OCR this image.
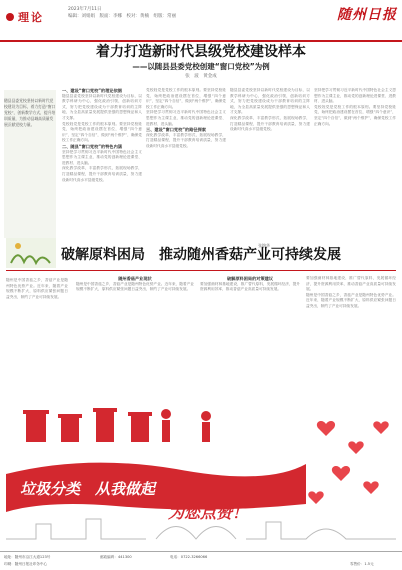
理论
2023年7月11日
编辑：刘娟娟　版面：李娜　校对：黄楠　组版：常丽	随州日报
着力打造新时代县级党校建设样本
——以随县县委党校创建“窗口党校”为例
张　波　黄金成
随县县委党校坚持以新时代党校建设为目标，着力打造“窗口党校”，创新教学方式，提升培训质量，为推动县域高质量发展贡献党校力量。
一、建设“窗口党校”的理论依据
随县县委党校坚持以新时代党校建设为目标，以教学科研为中心，强化政治引领，创新培训方式，努力把党校建设成为干部教育培训的主阵地，为全县高质量发展提供坚强的思想保证和人才支撑。
党校姓党是党校工作的根本原则。要坚持党校姓党，始终把政治建设摆在首位，增强“四个意识”，坚定“四个自信”，做到“两个维护”，确保党校工作正确方向。
二、随县“窗口党校”的特色内涵
坚持把学习贯彻习近平新时代中国特色社会主义思想作为主课主业，推动党的创新理论进课堂、进教材、进头脑。
深化教学改革，丰富教学形式，拓展现场教学，打造精品课程，提升干部教育培训质量，努力建设新时代高水平县级党校。
党校姓党是党校工作的根本原则。要坚持党校姓党，始终把政治建设摆在首位，增强“四个意识”，坚定“四个自信”，做到“两个维护”，确保党校工作正确方向。
坚持把学习贯彻习近平新时代中国特色社会主义思想作为主课主业，推动党的创新理论进课堂、进教材、进头脑。
三、建设“窗口党校”的路径探索
深化教学改革，丰富教学形式，拓展现场教学，打造精品课程，提升干部教育培训质量，努力建设新时代高水平县级党校。
随县县委党校坚持以新时代党校建设为目标，以教学科研为中心，强化政治引领，创新培训方式，努力把党校建设成为干部教育培训的主阵地，为全县高质量发展提供坚强的思想保证和人才支撑。
深化教学改革，丰富教学形式，拓展现场教学，打造精品课程，提升干部教育培训质量，努力建设新时代高水平县级党校。
坚持把学习贯彻习近平新时代中国特色社会主义思想作为主课主业，推动党的创新理论进课堂、进教材、进头脑。
党校姓党是党校工作的根本原则。要坚持党校姓党，始终把政治建设摆在首位，增强“四个意识”，坚定“四个自信”，做到“两个维护”，确保党校工作正确方向。
破解原料困局　推动随州香菇产业可持续发展
张锦华
随州是中国香菇之乡，香菇产业是随州特色优势产业。近年来，随着产业规模不断扩大，原料供应紧张问题日益突出，制约了产业可持续发展。
随州香菇产业现状
随州是中国香菇之乡，香菇产业是随州特色优势产业。近年来，随着产业规模不断扩大，原料供应紧张问题日益突出，制约了产业可持续发展。
破解原料困局的对策建议
要加强菌材林基地建设，推广替代原料，发展循环经济，提升资源利用效率，推动香菇产业高质量可持续发展。
要加强菌材林基地建设，推广替代原料，发展循环经济，提升资源利用效率，推动香菇产业高质量可持续发展。
随州是中国香菇之乡，香菇产业是随州特色优势产业。近年来，随着产业规模不断扩大，原料供应紧张问题日益突出，制约了产业可持续发展。
垃圾分类　从我做起
为您点赞！
地址：随州市沿江大道123号	邮政编码：441300	电话：0722-3266066
印刷：随州日报社印务中心	零售价：1.5元
